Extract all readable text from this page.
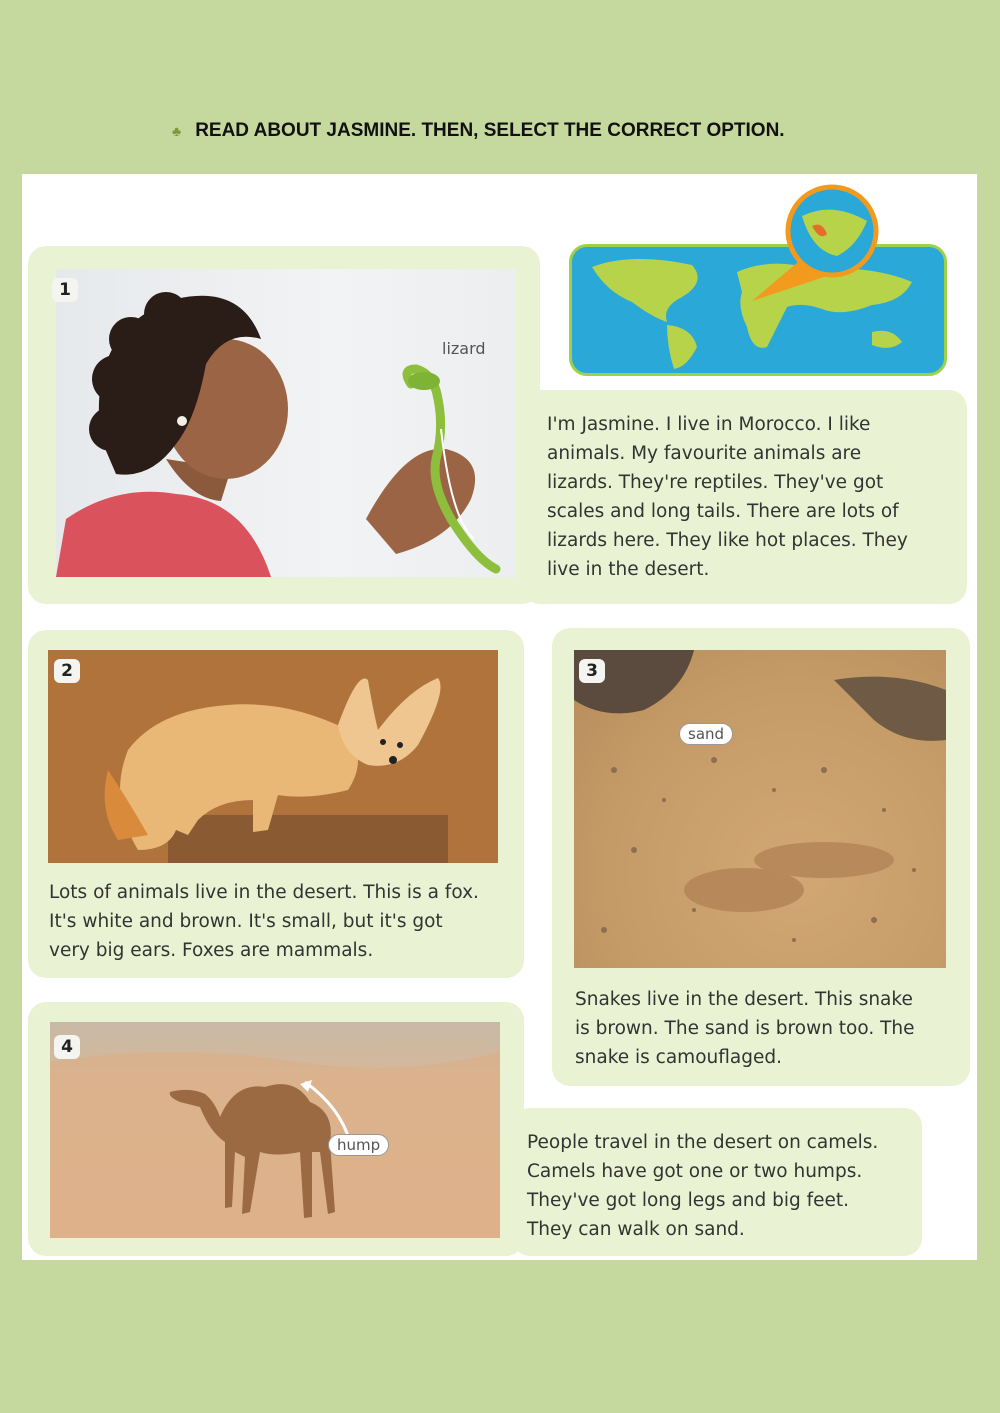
♣ READ ABOUT JASMINE. THEN, SELECT THE CORRECT OPTION.
1
lizard
I'm Jasmine. I live in Morocco. I like
animals. My favourite animals are
lizards. They're reptiles. They've got
scales and long tails. There are lots of
lizards here. They like hot places. They
live in the desert.
2
Lots of animals live in the desert. This is a fox.
It's white and brown. It's small, but it's got
very big ears. Foxes are mammals.
3
sand
Snakes live in the desert. This snake
is brown. The sand is brown too. The
snake is camouflaged.
4
hump	People travel in the desert on camels.
Camels have got one or two humps.
They've got long legs and big feet.
They can walk on sand.
